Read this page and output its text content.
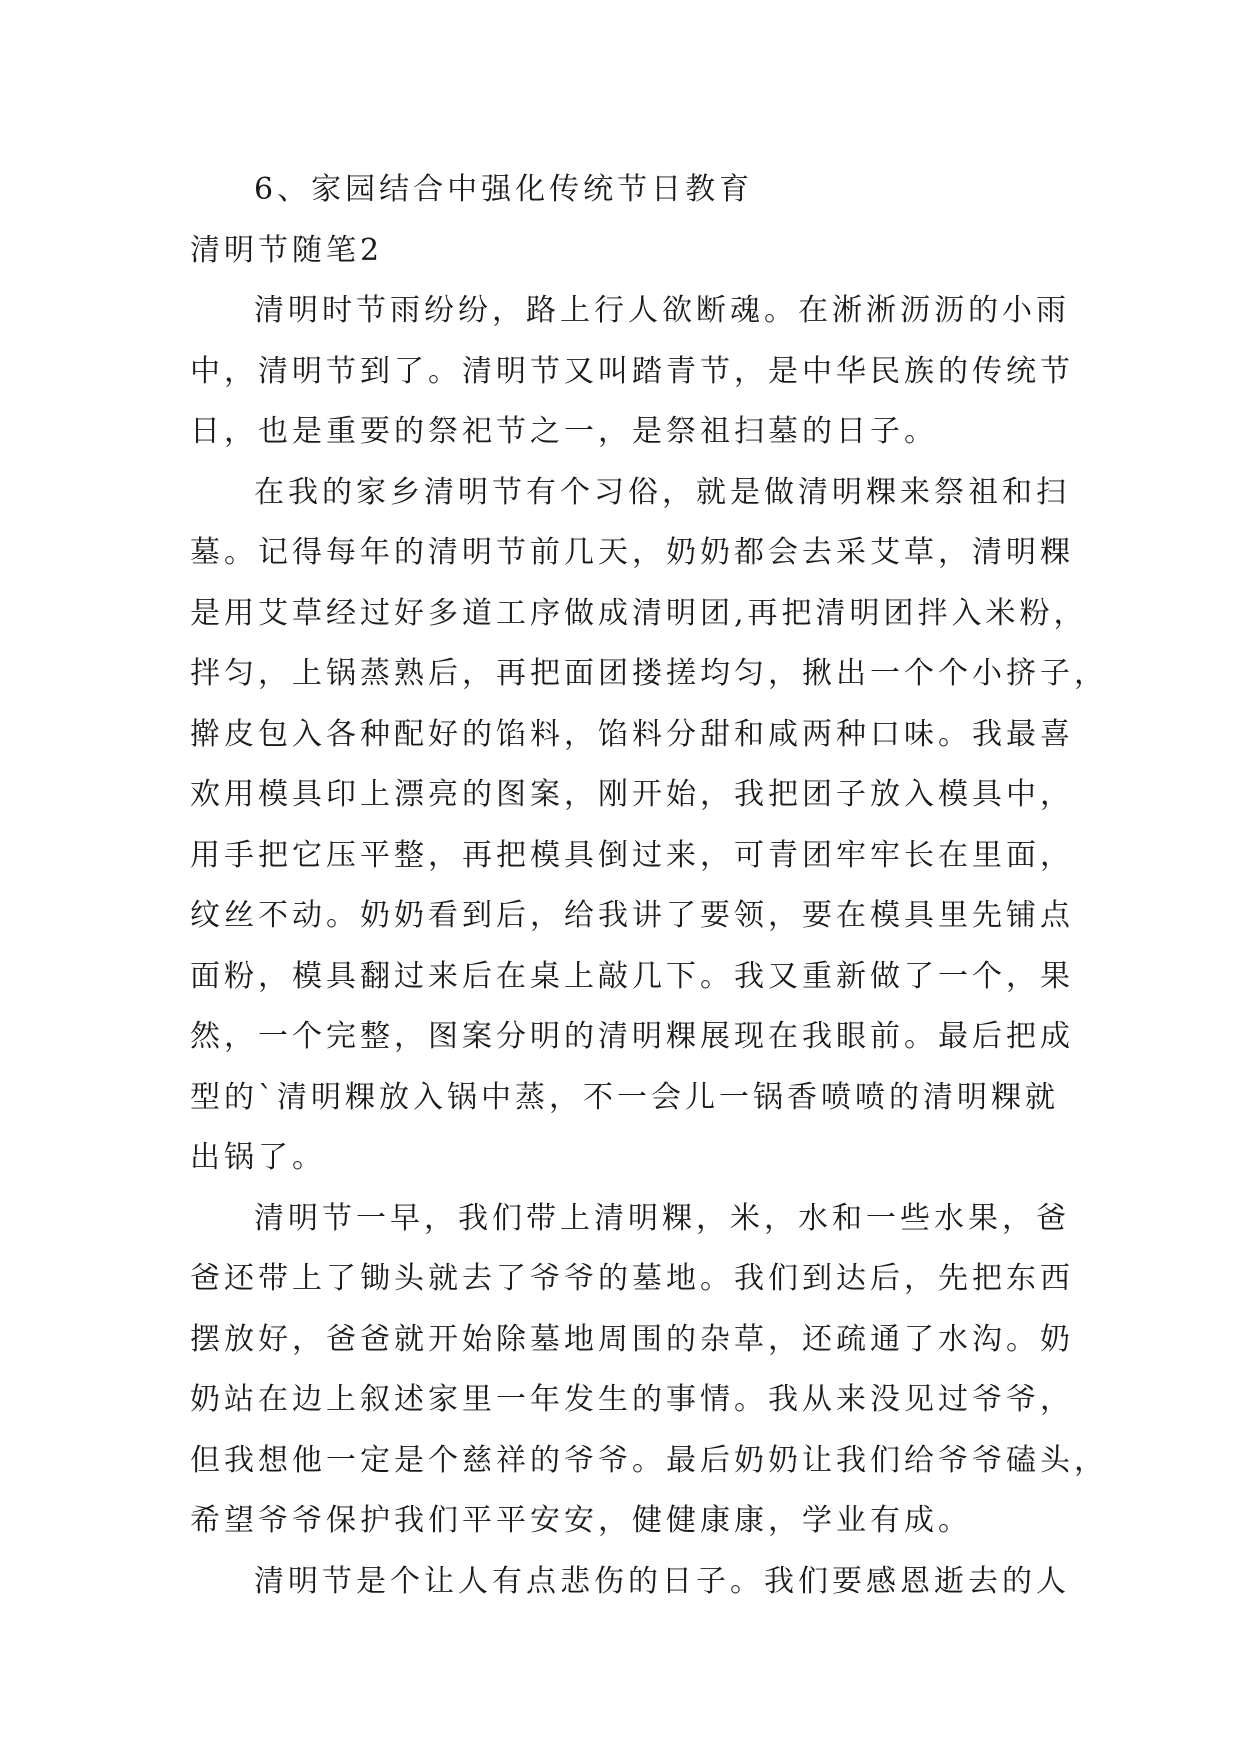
6、家园结合中强化传统节日教育
清明节随笔2
清明时节雨纷纷，路上行人欲断魂。在淅淅沥沥的小雨
中，清明节到了。清明节又叫踏青节，是中华民族的传统节
日，也是重要的祭祀节之一，是祭祖扫墓的日子。
在我的家乡清明节有个习俗，就是做清明粿来祭祖和扫
墓。记得每年的清明节前几天，奶奶都会去采艾草，清明粿
是用艾草经过好多道工序做成清明团,再把清明团拌入米粉，
拌匀，上锅蒸熟后，再把面团搂搓均匀，揪出一个个小挤子，
擀皮包入各种配好的馅料，馅料分甜和咸两种口味。我最喜
欢用模具印上漂亮的图案，刚开始，我把团子放入模具中，
用手把它压平整，再把模具倒过来，可青团牢牢长在里面，
纹丝不动。奶奶看到后，给我讲了要领，要在模具里先铺点
面粉，模具翻过来后在桌上敲几下。我又重新做了一个，果
然，一个完整，图案分明的清明粿展现在我眼前。最后把成
型的`清明粿放入锅中蒸，不一会儿一锅香喷喷的清明粿就
出锅了。
清明节一早，我们带上清明粿，米，水和一些水果，爸
爸还带上了锄头就去了爷爷的墓地。我们到达后，先把东西
摆放好，爸爸就开始除墓地周围的杂草，还疏通了水沟。奶
奶站在边上叙述家里一年发生的事情。我从来没见过爷爷，
但我想他一定是个慈祥的爷爷。最后奶奶让我们给爷爷磕头，
希望爷爷保护我们平平安安，健健康康，学业有成。
清明节是个让人有点悲伤的日子。我们要感恩逝去的人
